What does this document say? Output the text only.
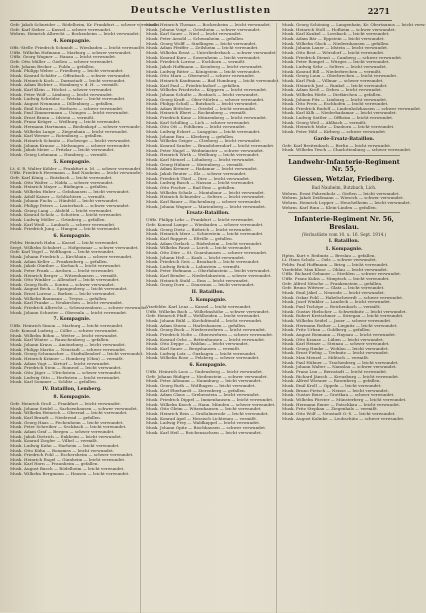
Deutsche Verlustlisten	2271
Gefr. Jakob Schneider — Rödelheim, Kr. Frankfurt — schwer verwundet.
Gefr. Karl Sieber — Kassel — schwer verwundet.
Wehrm. Heinrich Albrecht — Bockenheim — leicht verwundet.
4. Kompagnie.
Offz.-Stellv. Friedrich Schmidt — Wiesbaden — leicht verwundet.
Utffz. Wilhelm Hofmann — Marburg — schwer verwundet.
Utffz. Georg Wagner — Hanau — leicht verwundet.
Gefr. Otto Müller — Gießen — schwer verwundet.
Gefr. Johann Becker — Fulda — gefallen.
Musk. Philipp Weber — Friedberg — leicht verwundet.
Musk. Konrad Schäfer — Offenbach — schwer verwundet.
Musk. Heinrich Koch — Darmstadt — leicht verwundet.
Musk. Adam Richter — Homburg v. d. H. — vermißt.
Musk. Karl Klein — Höchst — schwer verwundet.
Musk. Peter Wolf — Limburg — leicht verwundet.
Musk. Ludwig Schröder — Wetzlar — leicht verwundet.
Musk. August Neumann — Dillenburg — gefallen.
Musk. Emil Schwarz — Herborn — schwer verwundet.
Musk. Paul Zimmermann — Usingen — leicht verwundet.
Musk. Ernst Braun — Idstein — vermißt.
Musk. Franz Krüger — Weilburg — leicht verwundet.
Musk. Hermann Hartmann — Biedenkopf — schwer verwundet.
Musk. Wilhelm Lange — Ziegenhain — leicht verwundet.
Musk. Karl Werner — Rotenburg — gefallen.
Musk. Heinrich Schmitz — Eschwege — leicht verwundet.
Musk. Johann Krause — Melsungen — schwer verwundet.
Musk. Jakob Meier — Fritzlar — leicht verwundet.
Musk. Georg Lehmann — Homberg — vermißt.
5. Kompagnie.
Lt. d. R. Walter Köhler — Frankfurt a. M. — schwer verwundet.
Utffz. Friedrich Herrmann — Bad Nauheim — leicht verwundet.
Gefr. Karl König — Butzbach — leicht verwundet.
Musk. Otto Walter — Nidda — schwer verwundet.
Musk. Heinrich Mayer — Büdingen — gefallen.
Musk. Wilhelm Huber — Gelnhausen — leicht verwundet.
Musk. Adolf Kaiser — Schlüchtern — vermißt.
Musk. Johann Fuchs — Hünfeld — leicht verwundet.
Musk. Philipp Peters — Lauterbach — schwer verwundet.
Musk. Georg Lang — Alsfeld — leicht verwundet.
Musk. Konrad Scholz — Schotten — leicht verwundet.
Musk. Ludwig Möller — Grünberg — gefallen.
Musk. Karl Weiß — Laubach — schwer verwundet.
Musk. Friedrich Jung — Hungen — leicht verwundet.
6. Kompagnie.
Feldw. Heinrich Hahn — Kassel — leicht verwundet.
Sergt. Wilhelm Schubert — Hofgeismar — schwer verwundet.
Gefr. Karl Vogel — Wolfhagen — leicht verwundet.
Musk. Johann Friedrich — Kirchhain — schwer verwundet.
Musk. Adam Keller — Frankenberg — gefallen.
Musk. Jakob Günther — Korbach — leicht verwundet.
Musk. Peter Frank — Arolsen — leicht verwundet.
Musk. Heinrich Berger — Witzenhausen — vermißt.
Musk. Otto Winkler — Allendorf — leicht verwundet.
Musk. Georg Roth — Sontra — schwer verwundet.
Musk. August Beck — Spangenberg — leicht verwundet.
Musk. Ernst Lorenz — Borken — leicht verwundet.
Musk. Wilhelm Baumann — Treysa — gefallen.
Musk. Karl Franke — Neukirchen — leicht verwundet.
Musk. Friedrich Albrecht — Schwarzenborn — schwer verwundet.
Musk. Johann Schuster — Oberaula — leicht verwundet.
7. Kompagnie.
Utffz. Heinrich Simon — Marburg — leicht verwundet.
Gefr. Konrad Ludwig — Cölbe — schwer verwundet.
Musk. Wilhelm Böhm — Wetter — leicht verwundet.
Musk. Karl Winter — Rauschenberg — gefallen.
Musk. Johann Kraus — Amöneburg — leicht verwundet.
Musk. Philipp Martin — Neustadt — schwer verwundet.
Musk. Georg Schumacher — Stadtallendorf — leicht verwundet.
Musk. Heinrich Krämer — Homberg (Ohm) — vermißt.
Musk. Adam Vogt — Kirtorf — leicht verwundet.
Musk. Friedrich Stein — Romrod — leicht verwundet.
Musk. Otto Jäger — Ulrichstein — schwer verwundet.
Musk. Ludwig Otto — Herbstein — leicht verwundet.
Musk. Karl Sommer — Schlitz — gefallen.
IV. Bataillon, Lemberg.
8. Kompagnie.
Gefr. Heinrich Groß — Frankfurt — leicht verwundet.
Musk. Johann Seidel — Sachsenhausen — schwer verwundet.
Musk. Wilhelm Heinrich — Oberrad — leicht verwundet.
Musk. Karl Brandt — Niederrad — gefallen.
Musk. Georg Haas — Fechenheim — leicht verwundet.
Musk. Peter Schreiber — Seckbach — leicht verwundet.
Musk. Adam Graf — Bergen — schwer verwundet.
Musk. Jakob Dietrich — Enkheim — leicht verwundet.
Musk. Konrad Ziegler — Vilbel — vermißt.
Musk. Ludwig Kuhn — Harheim — leicht verwundet.
Musk. Otto Kühn — Bonames — leicht verwundet.
Musk. Friedrich Pohl — Eschersheim — schwer verwundet.
Musk. Heinrich Engel — Ginnheim — leicht verwundet.
Musk. Karl Horn — Praunheim — gefallen.
Musk. August Busch — Rödelheim — leicht verwundet.
Musk. Wilhelm Bergmann — Hausen — leicht verwundet.
Musk. Heinrich Thomas — Bockenheim — leicht verwundet.
Musk. Johann Voigt — Griesheim — schwer verwundet.
Musk. Karl Sauer — Nied — leicht verwundet.
Musk. Peter Arnold — Schwanheim — gefallen.
Musk. Georg Wolff — Sindlingen — leicht verwundet.
Musk. Adam Pfeiffer — Zeilsheim — leicht verwundet.
Musk. Wilhelm Ernst — Unterliederbach — schwer verwundet.
Musk. Konrad Kurz — Sossenheim — leicht verwundet.
Musk. Friedrich Lorenz — Eschborn — vermißt.
Musk. Jakob Hoffmann — Kronberg — leicht verwundet.
Musk. Ludwig Ritter — Königstein — leicht verwundet.
Musk. Otto Marx — Oberursel — schwer verwundet.
Musk. Heinrich Kaufmann — Bad Homburg — leicht verwundet.
Musk. Karl Paul — Friedrichsdorf — gefallen.
Musk. Wilhelm Friedrichs — Köppern — leicht verwundet.
Musk. Johann Schulte — Rosbach — leicht verwundet.
Musk. Georg Kraft — Ober-Mörlen — schwer verwundet.
Musk. Philipp Scholl — Butzbach — leicht verwundet.
Musk. Adam Böttcher — Griedel — leicht verwundet.
Musk. Heinrich Ebert — Rockenberg — vermißt.
Musk. Friedrich Kunz — Münzenberg — leicht verwundet.
Musk. Karl Schilling — Lich — schwer verwundet.
Musk. Otto Ott — Pohlheim — leicht verwundet.
Musk. Ludwig Eckert — Langgöns — leicht verwundet.
Musk. Johann Rau — Kleeberg — gefallen.
Musk. Wilhelm Geiger — Cleeberg — leicht verwundet.
Musk. Konrad Sander — Brandoberndorf — leicht verwundet.
Musk. Peter Nagel — Weilmünster — schwer verwundet.
Musk. Heinrich Wirth — Weilburg — leicht verwundet.
Musk. Karl Menzel — Löhnberg — leicht verwundet.
Musk. Georg Hübner — Merenberg — vermißt.
Musk. Adam Kremer — Hadamar — leicht verwundet.
Musk. Jakob Reuter — Elz — schwer verwundet.
Musk. Friedrich Thiel — Diez — leicht verwundet.
Musk. Ludwig Busch — Nassau — leicht verwundet.
Musk. Otto Fischer — Bad Ems — gefallen.
Musk. Wilhelm Schulz — Montabaur — leicht verwundet.
Musk. Heinrich Schneider — Selters — leicht verwundet.
Musk. Karl Bauer — Hachenburg — schwer verwundet.
Musk. Johann Wagner — Marienberg — leicht verwundet.
Ersatz-Bataillon.
Utffz. Philipp Lehr — Frankfurt — leicht verwundet.
Gefr. Konrad Lampe — Wiesbaden — schwer verwundet.
Musk. Georg Dietz — Biebrich — leicht verwundet.
Musk. Heinrich Merz — Schierstein — leicht verwundet.
Musk. Karl Ruppert — Eltville — gefallen.
Musk. Adam Gerlach — Rüdesheim — leicht verwundet.
Musk. Wilhelm Faust — Lorch — leicht verwundet.
Musk. Otto Dörr — St. Goarshausen — schwer verwundet.
Musk. Johann Heß — Kaub — leicht verwundet.
Musk. Friedrich Geis — Braubach — leicht verwundet.
Musk. Ludwig Brück — Lahnstein — vermißt.
Musk. Peter Hofmann — Oberlahnstein — leicht verwundet.
Musk. Karl Bender — Niederlahnstein — schwer verwundet.
Musk. Heinrich Stahl — Ems — leicht verwundet.
Musk. Georg Dorn — Dausenau — leicht verwundet.
II. Bataillon.
5. Kompagnie.
Vizefeldw. Karl Lenz — Kassel — leicht verwundet.
Utffz. Wilhelm Bach — Wilhelmshöhe — schwer verwundet.
Gefr. Heinrich Pfaff — Wehlheiden — leicht verwundet.
Musk. Johann Rühl — Kirchditmold — leicht verwundet.
Musk. Adam Sturm — Harleshausen — gefallen.
Musk. Georg Bock — Niederzwehren — leicht verwundet.
Musk. Friedrich Nolte — Oberzwehren — schwer verwundet.
Musk. Konrad Ochs — Bettenhausen — leicht verwundet.
Musk. Otto Deppe — Waldau — leicht verwundet.
Musk. Karl Sauer — Bergshausen — vermißt.
Musk. Ludwig Lotz — Guxhagen — leicht verwundet.
Musk. Wilhelm Rose — Felsberg — schwer verwundet.
6. Kompagnie.
Utffz. Heinrich Loos — Gudensberg — leicht verwundet.
Gefr. Johann Rüdiger — Niedenstein — schwer verwundet.
Musk. Peter Aßmann — Naumburg — leicht verwundet.
Musk. Georg Ruth — Wolfhagen — leicht verwundet.
Musk. Karl Eberhardt — Zierenberg — gefallen.
Musk. Adam Claus — Grebenstein — leicht verwundet.
Musk. Friedrich Dippel — Immenhausen — leicht verwundet.
Musk. Wilhelm Knoch — Hann. Münden — schwer verwundet.
Musk. Otto Gleim — Witzenhausen — leicht verwundet.
Musk. Heinrich Rein — Großalmerode — leicht verwundet.
Musk. Konrad Apel — Hessisch Lichtenau — vermißt.
Musk. Ludwig Frey — Waldkappel — leicht verwundet.
Musk. Johann Opitz — Bischhausen — schwer verwundet.
Musk. Karl Heil — Reichensachsen — leicht verwundet.
Musk. Georg Schöning — Langenhain, Kr. Obertaunus — leicht verw.
Musk. Heinrich Stoll — Hofheim — schwer verwundet.
Musk. Karl Kunkel — Lorsbach — leicht verwundet.
Musk. Adam Bär — Eppstein — leicht verwundet.
Musk. Wilhelm Glock — Niedernhausen — gefallen.
Musk. Johann Lauer — Idstein — leicht verwundet.
Musk. Otto Best — Wörsdorf — leicht verwundet.
Musk. Friedrich Dienst — Camberg — schwer verwundet.
Musk. Peter Rompel — Würges — leicht verwundet.
Musk. Ludwig Sehr — Selters — leicht verwundet.
Musk. Konrad Bill — Niederbrechen — vermißt.
Musk. Georg Laux — Oberbrechen — leicht verwundet.
Musk. Karl Fink — Villmar — schwer verwundet.
Musk. Heinrich Jost — Runkel — leicht verwundet.
Musk. Adam Kreß — Dehrn — leicht verwundet.
Musk. Wilhelm Hörle — Dietkirchen — gefallen.
Musk. Johann Pitz — Limburg — leicht verwundet.
Musk. Otto Preis — Eschhofen — leicht verwundet.
Musk. Friedrich Rudolf — Lindenholzhausen — schwer verwundet.
Musk. Karl Kilb — Niederhadamar — leicht verwundet.
Musk. Ludwig Sattler — Offheim — leicht verwundet.
Musk. Georg Weil — Ahlbach — vermißt.
Musk. Heinrich Mohr — Dauborn — leicht verwundet.
Musk. Peter Hild — Kirberg — schwer verwundet.
Garde-Ersatz-Bataillon.
Gefr. Karl Breitenbach — Berlin — leicht verwundet.
Musk. Wilhelm Tesch — Charlottenburg — schwer verwundet.
Landwehr-Infanterie-Regiment Nr. 55,
Giessen, Wetzlar, Friedberg.
Bad Nauheim, Butzbach, Lich.
Wehrm. Ernst Fahrenholz — Gießen — leicht verwundet.
Wehrm. Jakob Deißmann — Wieseck — schwer verwundet.
Wehrm. Heinrich Lepper — Heuchelheim — leicht verwundet.
Wehrm. Karl Rinn — Klein-Linden — gefallen.
Infanterie-Regiment Nr. 56, Breslau.
(Verlustliste vom 10. u. 16. Sept. 1914.)
I. Bataillon.
1. Kompagnie.
Hptm. Kurt v. Reibnitz — Breslau — gefallen.
Lt. Hans Scholz — Oels — schwer verwundet.
Feldw. Paul Hoffmann — Brieg — leicht verwundet.
Vizefeldw. Max Klose — Ohlau — leicht verwundet.
Utffz. Richard Gebauer — Strehlen — schwer verwundet.
Utffz. Franz Kubis — Nimptsch — leicht verwundet.
Gefr. Alfred Nitsche — Frankenstein — gefallen.
Gefr. Bruno Wittwer — Glatz — leicht verwundet.
Musk. Emil Jäkel — Neurode — leicht verwundet.
Musk. Oskar Pohl — Habelschwerdt — schwer verwundet.
Musk. Josef Winkler — Landeck — leicht verwundet.
Musk. Paul Tschöpe — Reichenbach — vermißt.
Musk. Gustav Hielscher — Schweidnitz — leicht verwundet.
Musk. Robert Kretschmer — Striegau — leicht verwundet.
Musk. Wilhelm Seidel — Jauer — schwer verwundet.
Musk. Hermann Rother — Liegnitz — leicht verwundet.
Musk. Fritz Urban — Goldberg — gefallen.
Musk. August Reimann — Haynau — leicht verwundet.
Musk. Otto Krause — Lüben — leicht verwundet.
Musk. Karl Heinze — Steinau — schwer verwundet.
Musk. Georg Hanke — Wohlau — leicht verwundet.
Musk. Ernst Fiebig — Trebnitz — leicht verwundet.
Musk. Max Menzel — Militsch — vermißt.
Musk. Paul Hübner — Trachenberg — leicht verwundet.
Musk. Johann Walter — Namslau — schwer verwundet.
Musk. Franz Lux — Bernstadt — leicht verwundet.
Musk. Richard Jänsch — Kreuzburg — leicht verwundet.
Musk. Alfred Wiesner — Rosenberg — gefallen.
Musk. Emil Kroll — Oppeln — leicht verwundet.
Musk. Bruno Pietsch — Neisse — leicht verwundet.
Musk. Gustav Beier — Grottkau — schwer verwundet.
Musk. Wilhelm Förster — Münsterberg — leicht verwundet.
Musk. Hermann Exner — Patschkau — leicht verwundet.
Musk. Fritz Stephan — Ziegenhals — vermißt.
Musk. Otto Wolf — Neustadt O.-S. — leicht verwundet.
Musk. August Kalinke — Leobschütz — schwer verwundet.
